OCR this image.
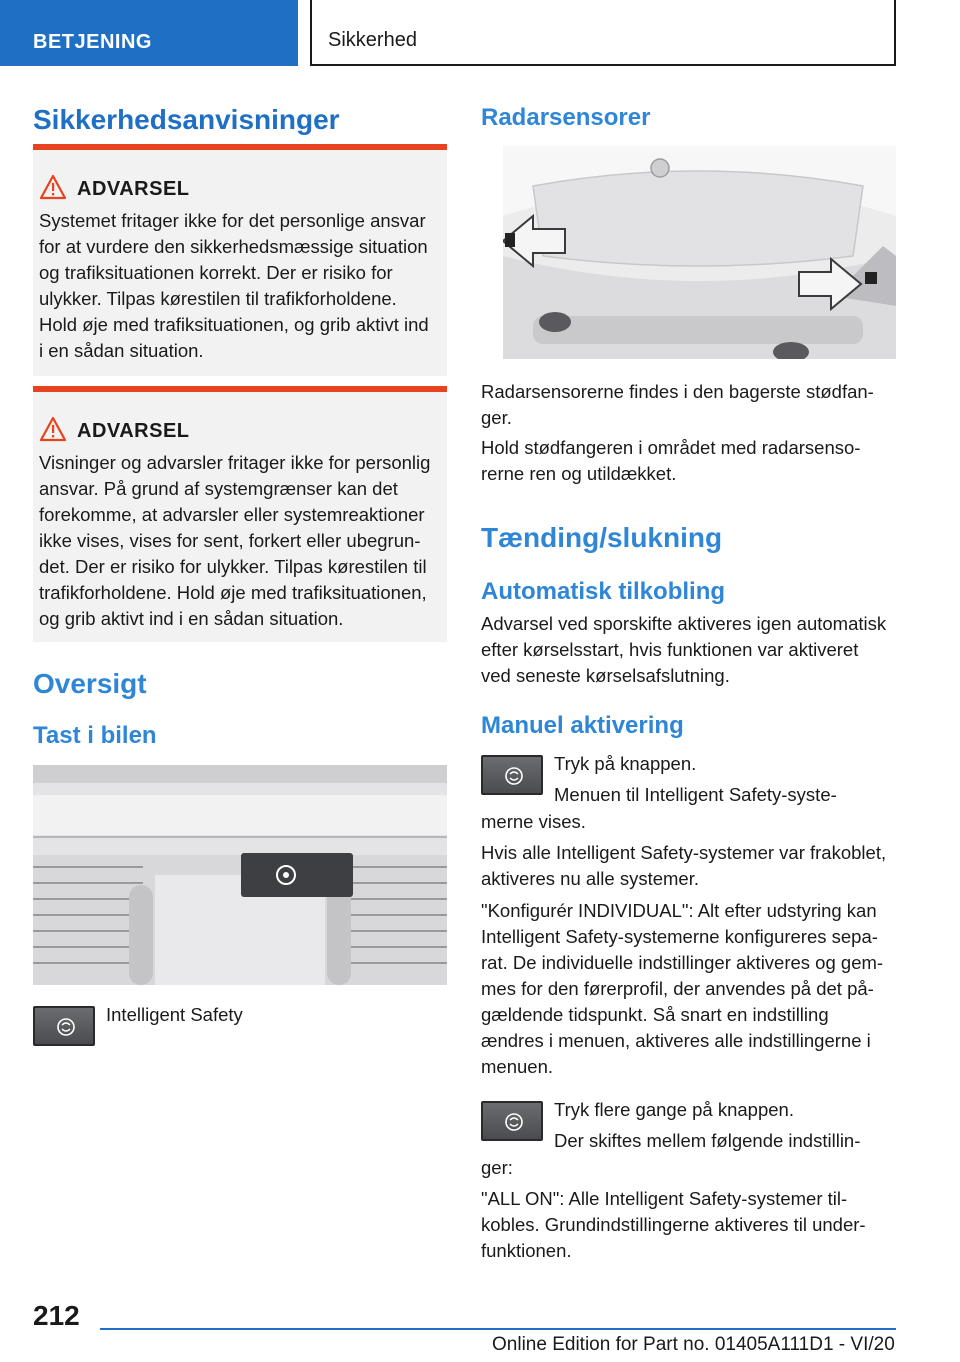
BETJENING	Sikkerhed
Sikkerhedsanvisninger
ADVARSEL
Systemet fritager ikke for det personlige ansvar
for at vurdere den sikkerhedsmæssige situation
og trafiksituationen korrekt. Der er risiko for
ulykker. Tilpas kørestilen til trafikforholdene.
Hold øje med trafiksituationen, og grib aktivt ind
i en sådan situation.
ADVARSEL
Visninger og advarsler fritager ikke for personlig
ansvar. På grund af systemgrænser kan det
forekomme, at advarsler eller systemreaktioner
ikke vises, vises for sent, forkert eller ubegrun-
det. Der er risiko for ulykker. Tilpas kørestilen til
trafikforholdene. Hold øje med trafiksituationen,
og grib aktivt ind i en sådan situation.
Oversigt
Tast i bilen
Intelligent Safety
Radarsensorer
Radarsensorerne findes i den bagerste stødfan-
ger.
Hold stødfangeren i området med radarsenso-
rerne ren og utildækket.
Tænding/slukning
Automatisk tilkobling
Advarsel ved sporskifte aktiveres igen automatisk
efter kørselsstart, hvis funktionen var aktiveret
ved seneste kørselsafslutning.
Manuel aktivering
Tryk på knappen.
Menuen til Intelligent Safety-syste-
merne vises.
Hvis alle Intelligent Safety-systemer var frakoblet,
aktiveres nu alle systemer.
"Konfigurér INDIVIDUAL": Alt efter udstyring kan
Intelligent Safety-systemerne konfigureres sepa-
rat. De individuelle indstillinger aktiveres og gem-
mes for den førerprofil, der anvendes på det på-
gældende tidspunkt. Så snart en indstilling
ændres i menuen, aktiveres alle indstillingerne i
menuen.
Tryk flere gange på knappen.
Der skiftes mellem følgende indstillin-
ger:
"ALL ON": Alle Intelligent Safety-systemer til-
kobles. Grundindstillingerne aktiveres til under-
funktionen.
212
Online Edition for Part no. 01405A111D1 - VI/20
